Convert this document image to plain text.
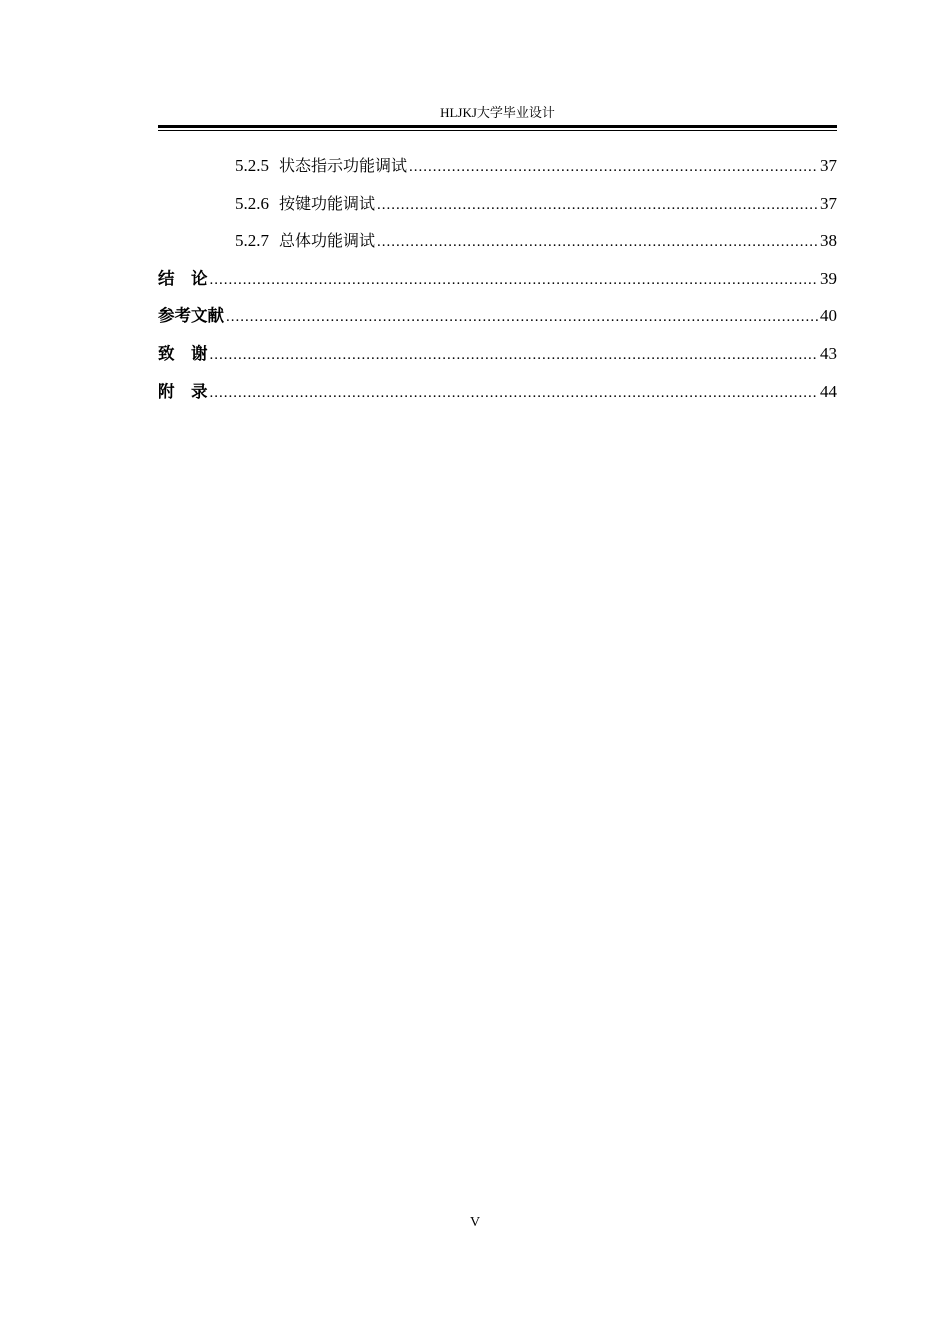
HLJKJ大学毕业设计
5.2.5 状态指示功能调试 .....	37
5.2.6 按键功能调试 .....	37
5.2.7 总体功能调试 .....	38
结　论 .....	39
参考文献 .....	40
致　谢 .....	43
附　录 .....	44
V
